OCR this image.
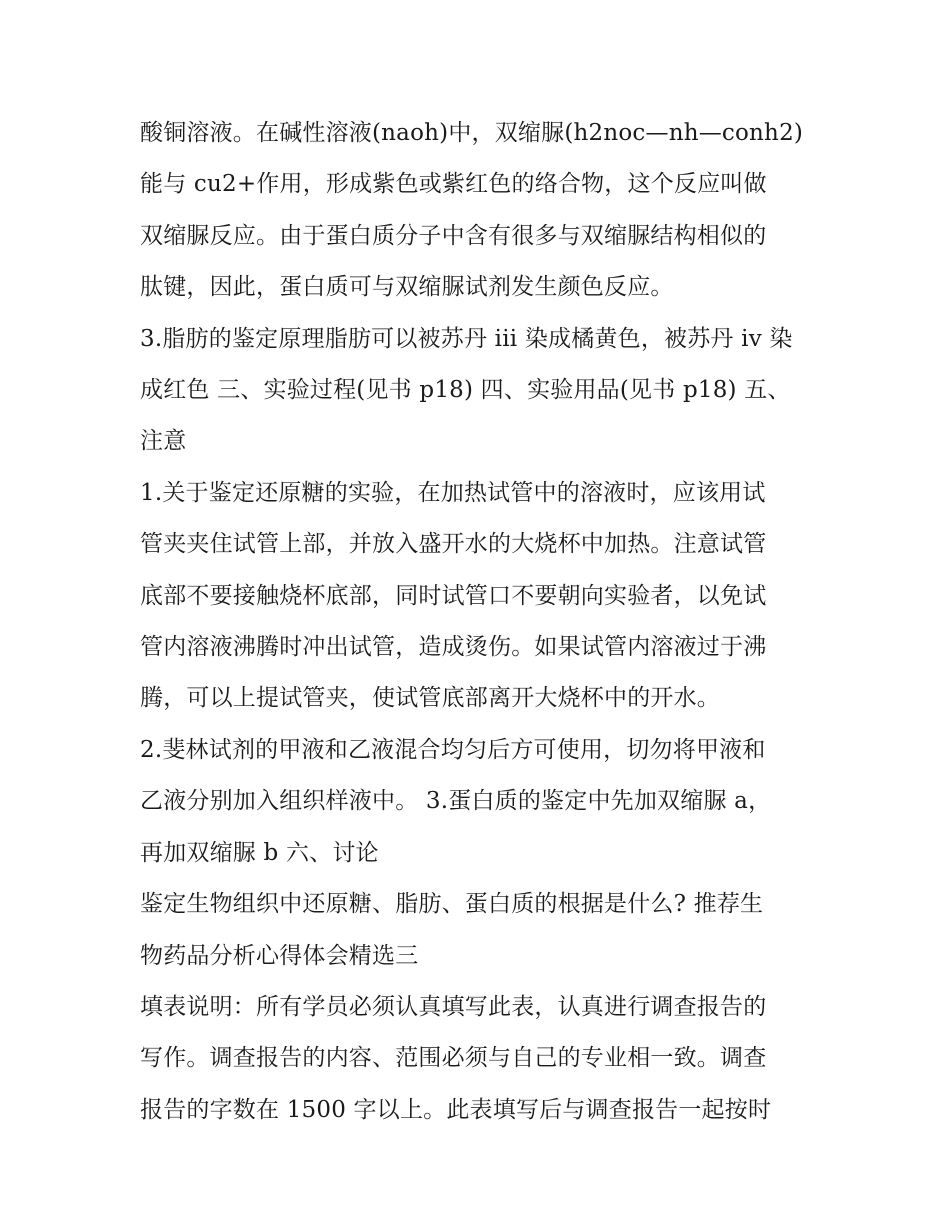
酸铜溶液。在碱性溶液(naoh)中，双缩脲(h2noc—nh—conh2)
能与 cu2+作用，形成紫色或紫红色的络合物，这个反应叫做
双缩脲反应。由于蛋白质分子中含有很多与双缩脲结构相似的
肽键，因此，蛋白质可与双缩脲试剂发生颜色反应。
3.脂肪的鉴定原理脂肪可以被苏丹 iii 染成橘黄色，被苏丹 iv 染
成红色 三、实验过程(见书 p18) 四、实验用品(见书 p18) 五、
注意
1.关于鉴定还原糖的实验，在加热试管中的溶液时，应该用试
管夹夹住试管上部，并放入盛开水的大烧杯中加热。注意试管
底部不要接触烧杯底部，同时试管口不要朝向实验者，以免试
管内溶液沸腾时冲出试管，造成烫伤。如果试管内溶液过于沸
腾，可以上提试管夹，使试管底部离开大烧杯中的开水。
2.斐林试剂的甲液和乙液混合均匀后方可使用，切勿将甲液和
乙液分别加入组织样液中。 3.蛋白质的鉴定中先加双缩脲 a，
再加双缩脲 b 六、讨论
鉴定生物组织中还原糖、脂肪、蛋白质的根据是什么? 推荐生
物药品分析心得体会精选三
填表说明：所有学员必须认真填写此表，认真进行调查报告的
写作。调查报告的内容、范围必须与自己的专业相一致。调查
报告的字数在 1500 字以上。此表填写后与调查报告一起按时
